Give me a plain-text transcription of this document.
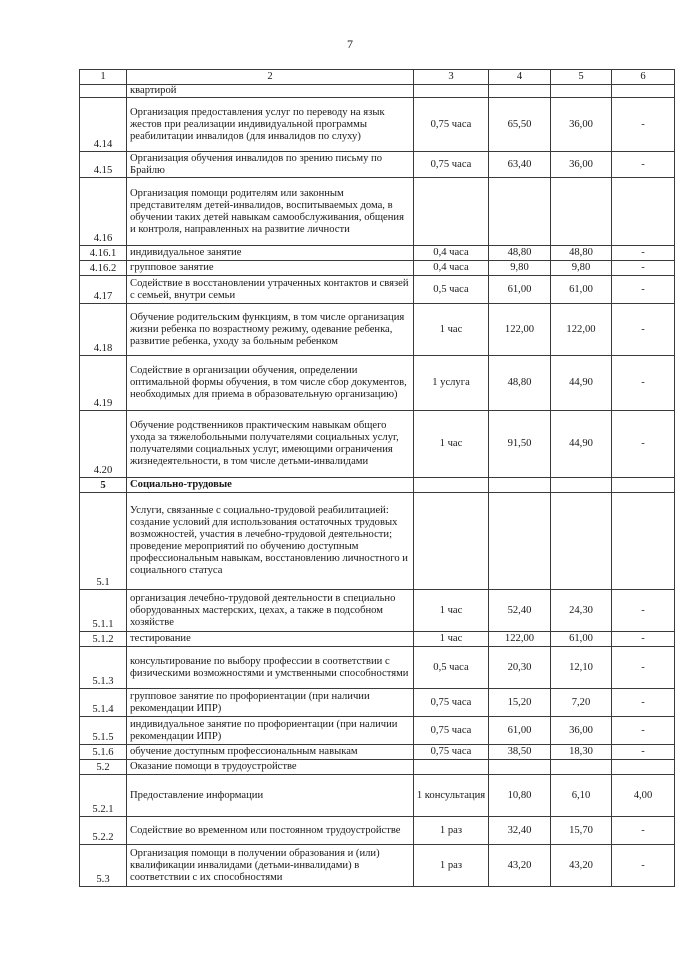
7
1	2	3	4	5	6
	квартирой				
4.14	Организация предоставления услуг по переводу на язык жестов при реализации индивидуальной программы реабилитации инвалидов (для инвалидов по слуху)	0,75 часа	65,50	36,00	-
4.15	Организация обучения инвалидов по зрению письму по Брайлю	0,75 часа	63,40	36,00	-
4.16	Организация помощи родителям или законным представителям детей-инвалидов, воспитываемых дома, в обучении таких детей навыкам самообслуживания, общения и контроля, направленных на развитие личности				
4.16.1	индивидуальное занятие	0,4 часа	48,80	48,80	-
4.16.2	групповое занятие	0,4 часа	9,80	9,80	-
4.17	Содействие в восстановлении утраченных контактов и связей с семьей, внутри семьи	0,5 часа	61,00	61,00	-
4.18	Обучение родительским функциям, в том числе организация жизни ребенка по возрастному режиму, одевание ребенка, развитие ребенка, уходу за больным ребенком	1 час	122,00	122,00	-
4.19	Содействие в организации обучения, определении оптимальной формы обучения, в том числе сбор документов, необходимых для приема в образовательную организацию)	1 услуга	48,80	44,90	-
4.20	Обучение родственников практическим навыкам общего ухода за тяжелобольными получателями социальных услуг, получателями социальных услуг, имеющими ограничения жизнедеятельности, в том числе детьми-инвалидами	1 час	91,50	44,90	-
5	Социально-трудовые				
5.1	Услуги, связанные с социально-трудовой реабилитацией: создание условий для использования остаточных трудовых возможностей, участия в лечебно-трудовой деятельности; проведение мероприятий по обучению доступным профессиональным навыкам, восстановлению личностного и социального статуса				
5.1.1	организация лечебно-трудовой деятельности в специально оборудованных мастерских, цехах, а также в подсобном хозяйстве	1 час	52,40	24,30	-
5.1.2	тестирование	1 час	122,00	61,00	-
5.1.3	консультирование по выбору профессии в соответствии с физическими возможностями и умственными способностями	0,5 часа	20,30	12,10	-
5.1.4	групповое занятие по профориентации (при наличии рекомендации ИПР)	0,75 часа	15,20	7,20	-
5.1.5	индивидуальное занятие по профориентации (при наличии рекомендации ИПР)	0,75 часа	61,00	36,00	-
5.1.6	обучение доступным профессиональным навыкам	0,75 часа	38,50	18,30	-
5.2	Оказание помощи в трудоустройстве				
5.2.1	Предоставление информации	1 консультация	10,80	6,10	4,00
5.2.2	Содействие во временном или постоянном трудоустройстве	1 раз	32,40	15,70	-
5.3	Организация помощи в получении образования и (или) квалификации инвалидами (детьми-инвалидами) в соответствии с их способностями	1 раз	43,20	43,20	-
